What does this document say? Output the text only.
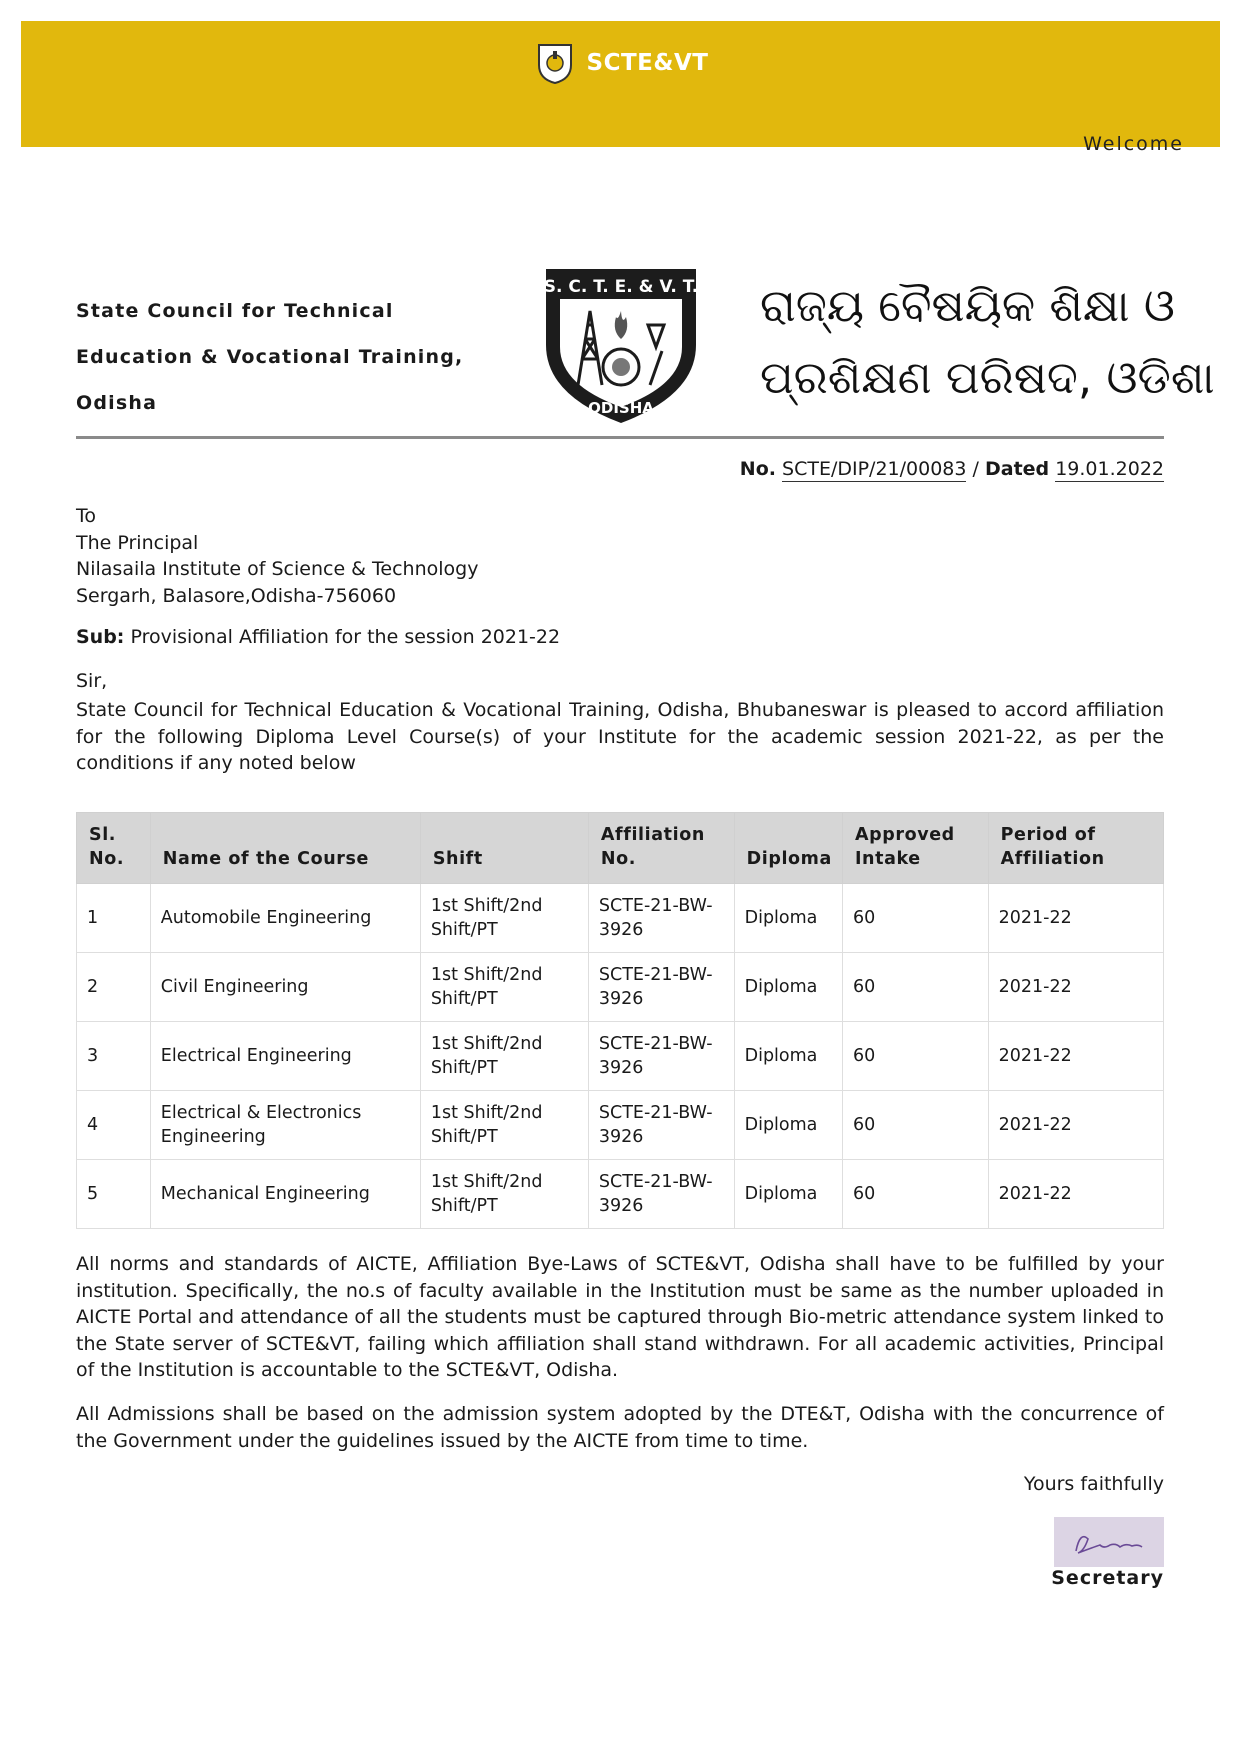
SCTE&VT
Welcome
State Council for Technical
Education & Vocational Training,
Odisha
S. C. T. E. & V. T.
ODISHA
ରାଜ୍ୟ ବୈଷୟିକ ଶିକ୍ଷା ଓ
ପ୍ରଶିକ୍ଷଣ ପରିଷଦ, ଓଡିଶା
No. SCTE/DIP/21/00083 / Dated 19.01.2022
To
The Principal
Nilasaila Institute of Science & Technology
Sergarh, Balasore,Odisha-756060
Sub: Provisional Affiliation for the session 2021-22
Sir,
State Council for Technical Education & Vocational Training, Odisha, Bhubaneswar is pleased to accord affiliation for the following Diploma Level Course(s) of your Institute for the academic session 2021-22, as per the conditions if any noted below
Sl. No.	Name of the Course	Shift	Affiliation No.	Diploma	Approved Intake	Period of Affiliation
1	Automobile Engineering	1st Shift/2nd Shift/PT	SCTE-21-BW-3926	Diploma	60	2021-22
2	Civil Engineering	1st Shift/2nd Shift/PT	SCTE-21-BW-3926	Diploma	60	2021-22
3	Electrical Engineering	1st Shift/2nd Shift/PT	SCTE-21-BW-3926	Diploma	60	2021-22
4	Electrical & Electronics Engineering	1st Shift/2nd Shift/PT	SCTE-21-BW-3926	Diploma	60	2021-22
5	Mechanical Engineering	1st Shift/2nd Shift/PT	SCTE-21-BW-3926	Diploma	60	2021-22
All norms and standards of AICTE, Affiliation Bye-Laws of SCTE&VT, Odisha shall have to be fulfilled by your institution. Specifically, the no.s of faculty available in the Institution must be same as the number uploaded in AICTE Portal and attendance of all the students must be captured through Bio-metric attendance system linked to the State server of SCTE&VT, failing which affiliation shall stand withdrawn. For all academic activities, Principal of the Institution is accountable to the SCTE&VT, Odisha.
All Admissions shall be based on the admission system adopted by the DTE&T, Odisha with the concurrence of the Government under the guidelines issued by the AICTE from time to time.
Yours faithfully
Secretary
